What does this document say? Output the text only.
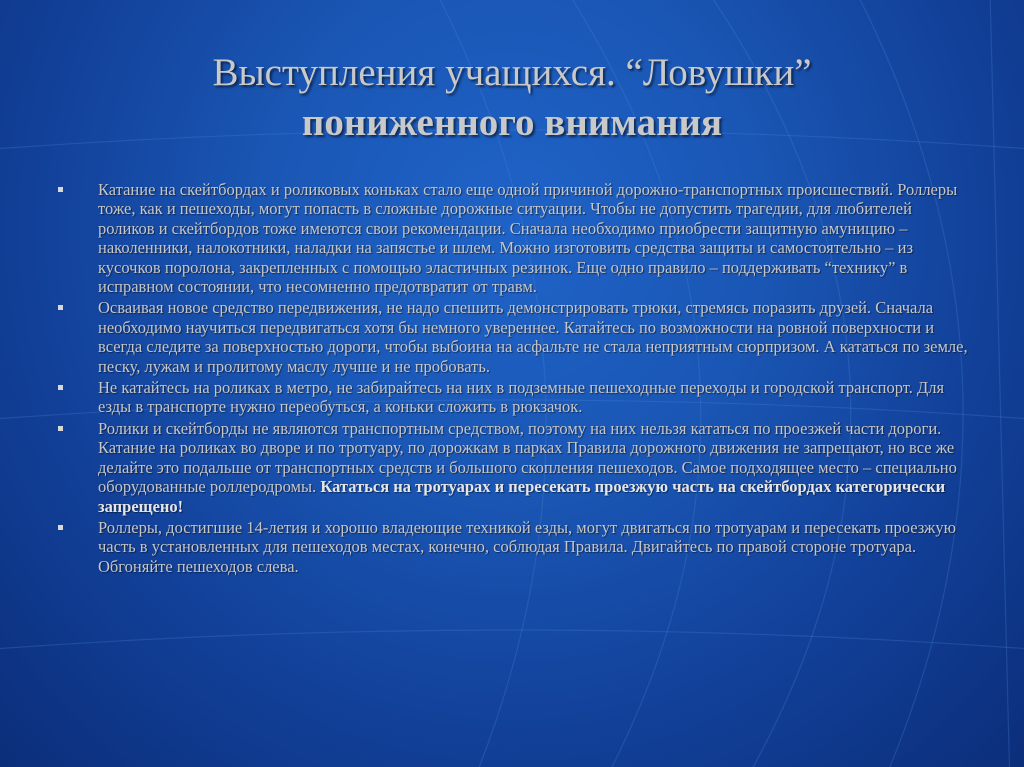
Выступления учащихся. “Ловушки”
пониженного внимания
Катание на скейтбордах и роликовых коньках стало еще одной причиной дорожно-транспортных происшествий. Роллеры тоже, как и пешеходы, могут попасть в сложные дорожные ситуации. Чтобы не допустить трагедии, для любителей роликов и скейтбордов тоже имеются свои рекомендации. Сначала необходимо приобрести защитную амуницию – наколенники, налокотники, наладки на запястье и шлем. Можно изготовить средства защиты и самостоятельно – из кусочков поролона, закрепленных с помощью эластичных резинок. Еще одно правило – поддерживать “технику” в исправном состоянии, что несомненно предотвратит от травм.
Осваивая новое средство передвижения, не надо спешить демонстрировать трюки, стремясь поразить друзей. Сначала необходимо научиться передвигаться хотя бы немного увереннее. Катайтесь по возможности на ровной поверхности и всегда следите за поверхностью дороги, чтобы выбоина на асфальте не стала неприятным сюрпризом. А кататься по земле, песку, лужам и пролитому маслу лучше и не пробовать.
Не катайтесь на роликах в метро, не забирайтесь на них в подземные пешеходные переходы и городской транспорт. Для езды в транспорте нужно переобуться, а коньки сложить в рюкзачок.
Ролики и скейтборды не являются транспортным средством, поэтому на них нельзя кататься по проезжей части дороги. Катание на роликах во дворе и по тротуару, по дорожкам в парках Правила дорожного движения не запрещают, но все же делайте это подальше от транспортных средств и большого скопления пешеходов. Самое подходящее место – специально оборудованные роллеродромы. Кататься на тротуарах и пересекать проезжую часть на скейтбордах категорически запрещено!
Роллеры, достигшие 14-летия и хорошо владеющие техникой езды, могут двигаться по тротуарам и пересекать проезжую часть в установленных для пешеходов местах, конечно, соблюдая Правила. Двигайтесь по правой стороне тротуара. Обгоняйте пешеходов слева.
